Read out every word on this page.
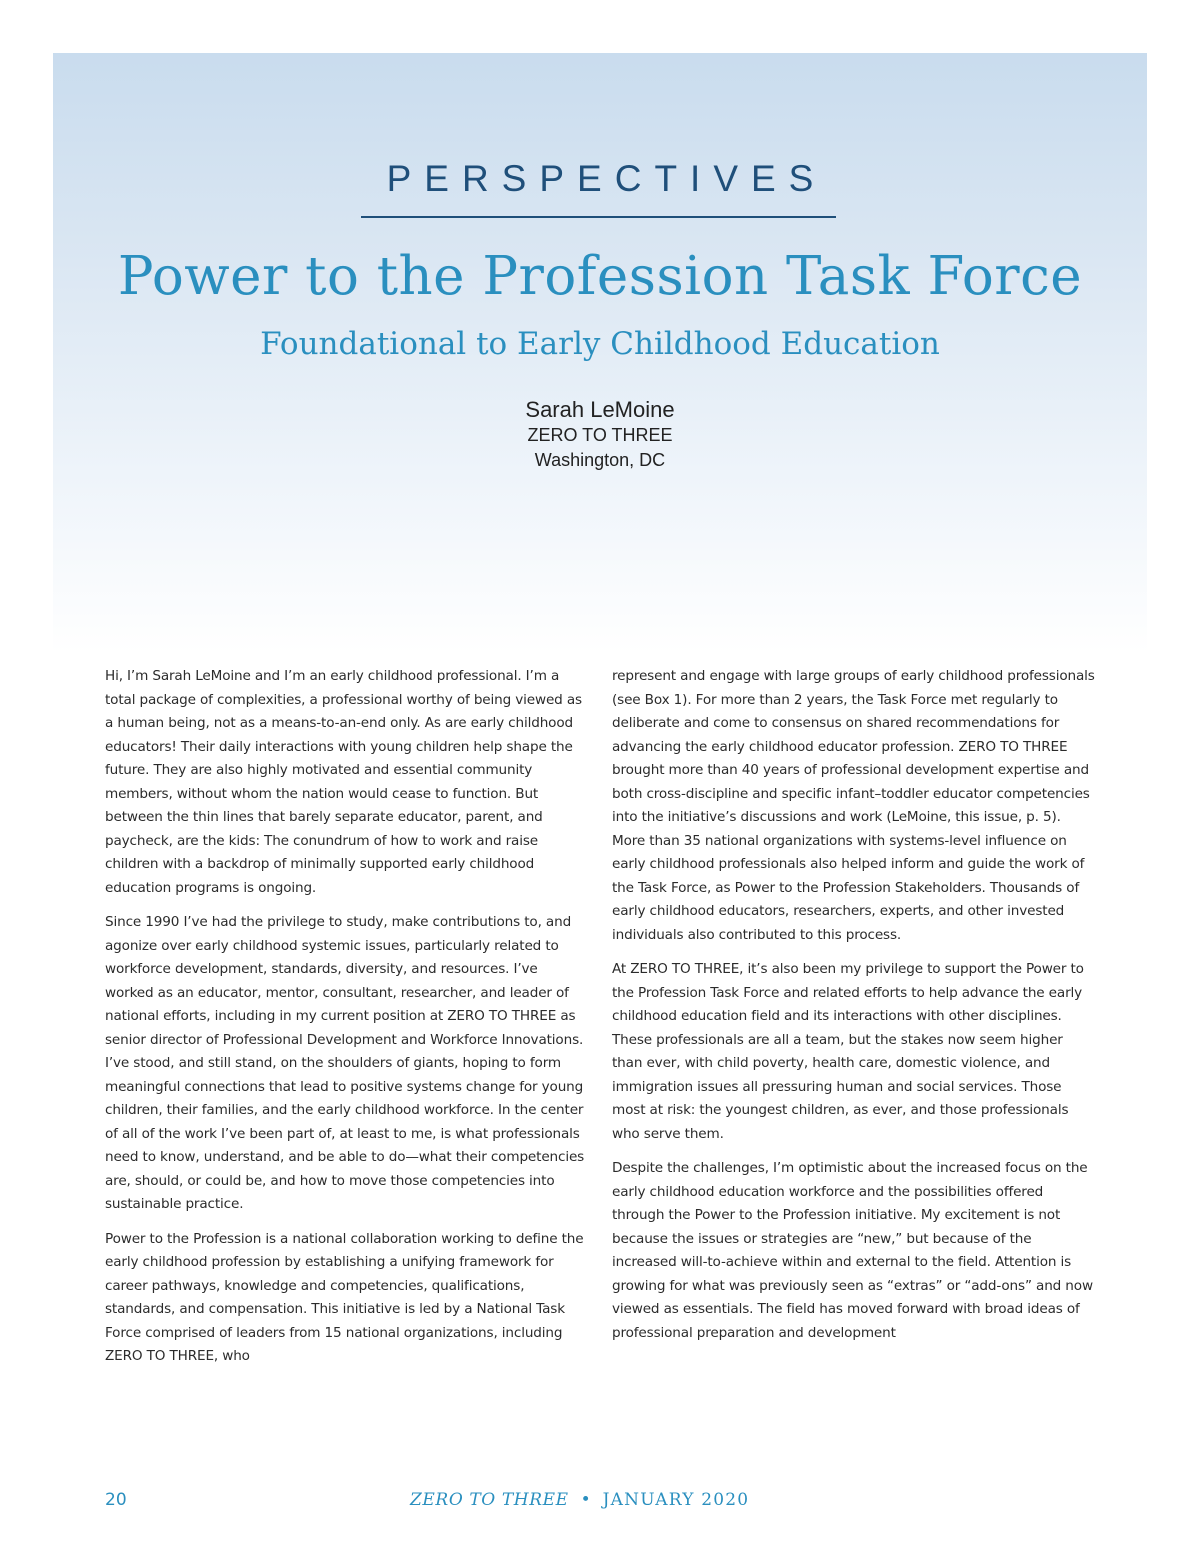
PERSPECTIVES
Power to the Profession Task Force
Foundational to Early Childhood Education
Sarah LeMoine
ZERO TO THREE
Washington, DC

Hi, I’m Sarah LeMoine and I’m an early childhood professional. I’m a total package of complexities, a professional worthy of being viewed as a human being, not as a means-to-an-end only. As are early childhood educators! Their daily interactions with young children help shape the future. They are also highly motivated and essential community members, without whom the nation would cease to function. But between the thin lines that barely separate educator, parent, and paycheck, are the kids: The conundrum of how to work and raise children with a backdrop of minimally supported early childhood education programs is ongoing.

Since 1990 I’ve had the privilege to study, make contributions to, and agonize over early childhood systemic issues, particularly related to workforce development, standards, diversity, and resources. I’ve worked as an educator, mentor, consultant, researcher, and leader of national efforts, including in my current position at ZERO TO THREE as senior director of Professional Development and Workforce Innovations. I’ve stood, and still stand, on the shoulders of giants, hoping to form meaningful connections that lead to positive systems change for young children, their families, and the early childhood workforce. In the center of all of the work I’ve been part of, at least to me, is what professionals need to know, understand, and be able to do—what their competencies are, should, or could be, and how to move those competencies into sustainable practice.

Power to the Profession is a national collaboration working to define the early childhood profession by establishing a unifying framework for career pathways, knowledge and competencies, qualifications, standards, and compensation. This initiative is led by a National Task Force comprised of leaders from 15 national organizations, including ZERO TO THREE, who

represent and engage with large groups of early childhood professionals (see Box 1). For more than 2 years, the Task Force met regularly to deliberate and come to consensus on shared recommendations for advancing the early childhood educator profession. ZERO TO THREE brought more than 40 years of professional development expertise and both cross-discipline and specific infant–toddler educator competencies into the initiative’s discussions and work (LeMoine, this issue, p. 5). More than 35 national organizations with systems-level influence on early childhood professionals also helped inform and guide the work of the Task Force, as Power to the Profession Stakeholders. Thousands of early childhood educators, researchers, experts, and other invested individuals also contributed to this process.

At ZERO TO THREE, it’s also been my privilege to support the Power to the Profession Task Force and related efforts to help advance the early childhood education field and its interactions with other disciplines. These professionals are all a team, but the stakes now seem higher than ever, with child poverty, health care, domestic violence, and immigration issues all pressuring human and social services. Those most at risk: the youngest children, as ever, and those professionals who serve them.

Despite the challenges, I’m optimistic about the increased focus on the early childhood education workforce and the possibilities offered through the Power to the Profession initiative. My excitement is not because the issues or strategies are “new,” but because of the increased will-to-achieve within and external to the field. Attention is growing for what was previously seen as “extras” or “add-ons” and now viewed as essentials. The field has moved forward with broad ideas of professional preparation and development

20	ZERO TO THREE • JANUARY 2020
